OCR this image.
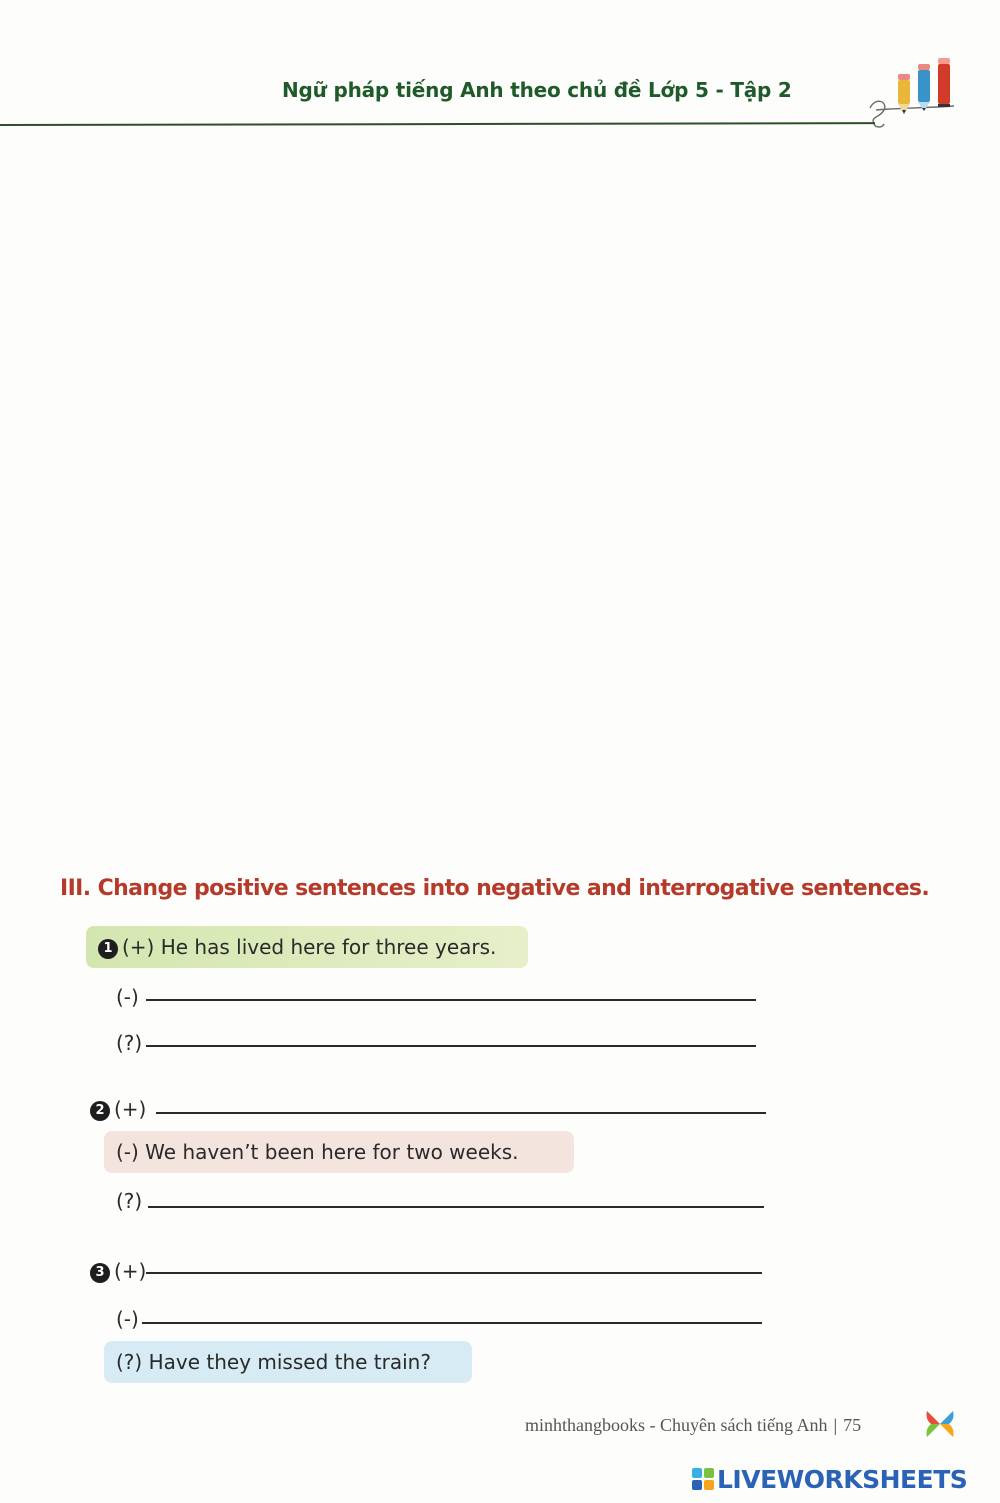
Ngữ pháp tiếng Anh theo chủ đề Lớp 5 - Tập 2
III. Change positive sentences into negative and interrogative sentences.
1 (+) He has lived here for three years.
(-)
(?)
2 (+)
(-) We haven’t been here for two weeks.
(?)
3 (+)
(-)
(?) Have they missed the train?
minhthangbooks - Chuyên sách tiếng Anh | 75
LIVEWORKSHEETS
